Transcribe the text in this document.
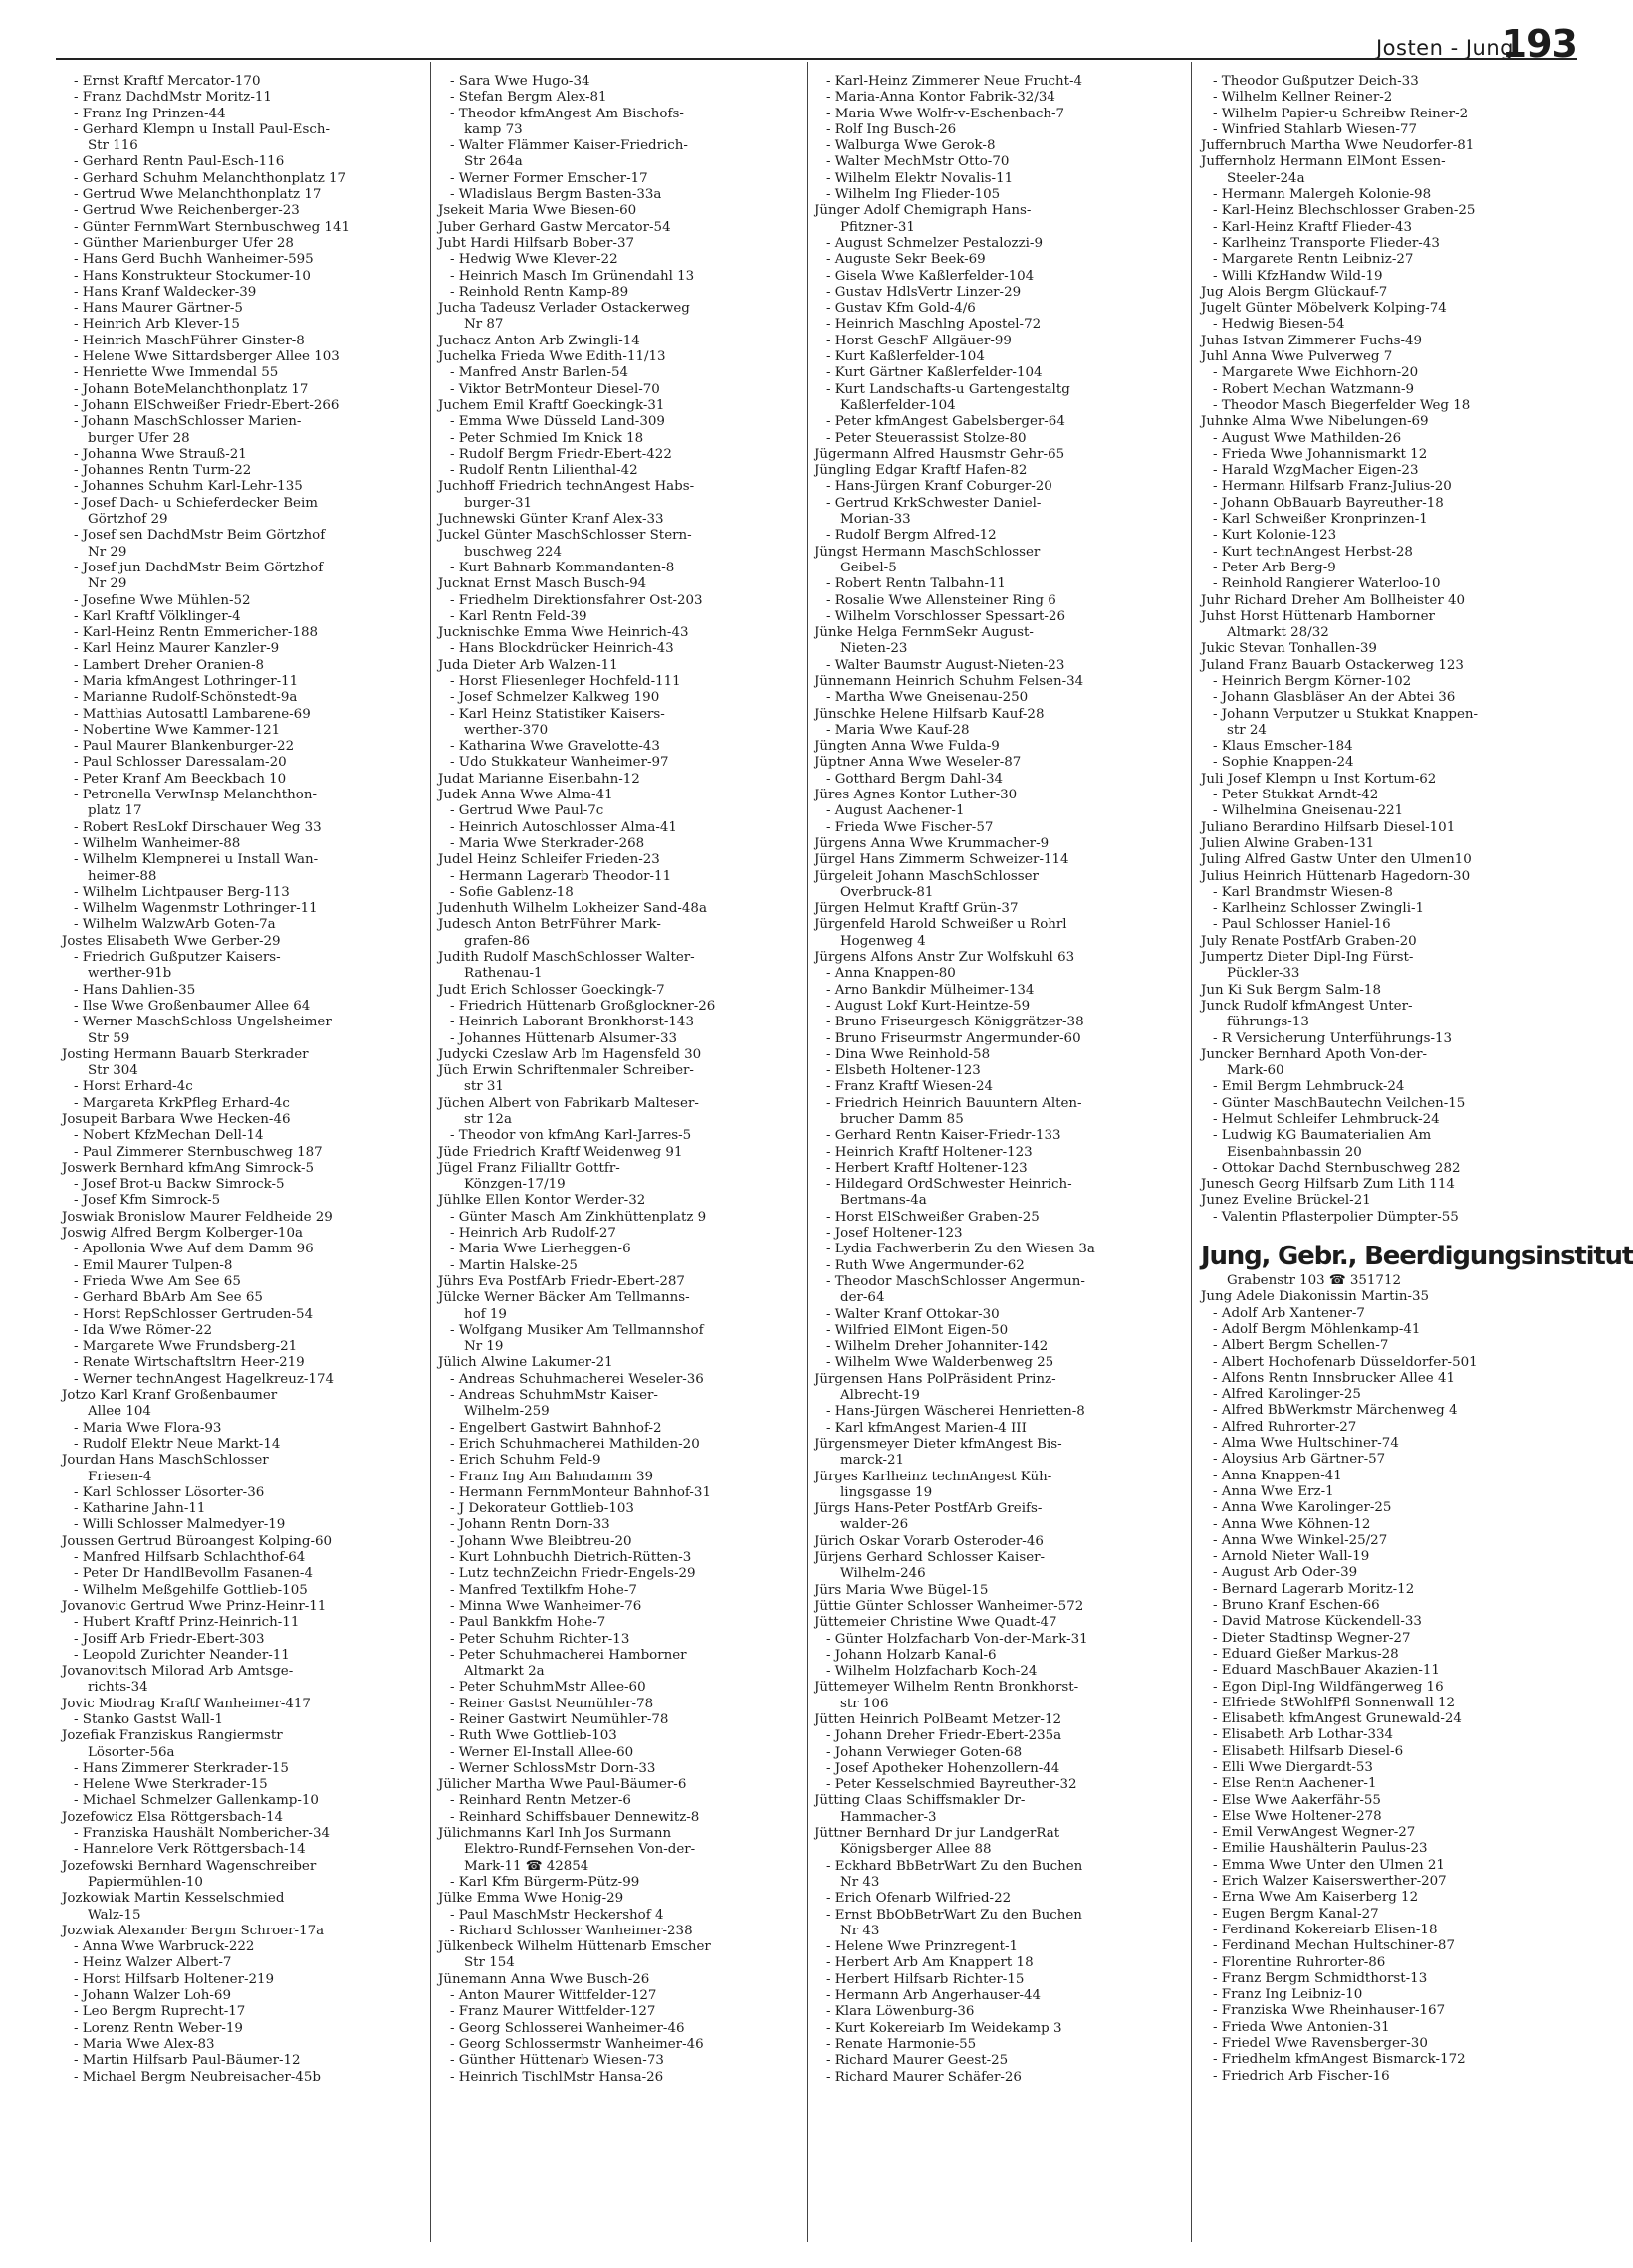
Josten - Jung
193
- Ernst Kraftf Mercator-170
- Franz DachdMstr Moritz-11
- Franz Ing Prinzen-44
- Gerhard Klempn u Install Paul-Esch-
Str 116
- Gerhard Rentn Paul-Esch-116
- Gerhard Schuhm Melanchthonplatz 17
- Gertrud Wwe Melanchthonplatz 17
- Gertrud Wwe Reichenberger-23
- Günter FernmWart Sternbuschweg 141
- Günther Marienburger Ufer 28
- Hans Gerd Buchh Wanheimer-595
- Hans Konstrukteur Stockumer-10
- Hans Kranf Waldecker-39
- Hans Maurer Gärtner-5
- Heinrich Arb Klever-15
- Heinrich MaschFührer Ginster-8
- Helene Wwe Sittardsberger Allee 103
- Henriette Wwe Immendal 55
- Johann BoteMelanchthonplatz 17
- Johann ElSchweißer Friedr-Ebert-266
- Johann MaschSchlosser Marien-
burger Ufer 28
- Johanna Wwe Strauß-21
- Johannes Rentn Turm-22
- Johannes Schuhm Karl-Lehr-135
- Josef Dach- u Schieferdecker Beim
Görtzhof 29
- Josef sen DachdMstr Beim Görtzhof
Nr 29
- Josef jun DachdMstr Beim Görtzhof
Nr 29
- Josefine Wwe Mühlen-52
- Karl Kraftf Völklinger-4
- Karl-Heinz Rentn Emmericher-188
- Karl Heinz Maurer Kanzler-9
- Lambert Dreher Oranien-8
- Maria kfmAngest Lothringer-11
- Marianne Rudolf-Schönstedt-9a
- Matthias Autosattl Lambarene-69
- Nobertine Wwe Kammer-121
- Paul Maurer Blankenburger-22
- Paul Schlosser Daressalam-20
- Peter Kranf Am Beeckbach 10
- Petronella VerwInsp Melanchthon-
platz 17
- Robert ResLokf Dirschauer Weg 33
- Wilhelm Wanheimer-88
- Wilhelm Klempnerei u Install Wan-
heimer-88
- Wilhelm Lichtpauser Berg-113
- Wilhelm Wagenmstr Lothringer-11
- Wilhelm WalzwArb Goten-7a
Jostes Elisabeth Wwe Gerber-29
- Friedrich Gußputzer Kaisers-
werther-91b
- Hans Dahlien-35
- Ilse Wwe Großenbaumer Allee 64
- Werner MaschSchloss Ungelsheimer
Str 59
Josting Hermann Bauarb Sterkrader
Str 304
- Horst Erhard-4c
- Margareta KrkPfleg Erhard-4c
Josupeit Barbara Wwe Hecken-46
- Nobert KfzMechan Dell-14
- Paul Zimmerer Sternbuschweg 187
Joswerk Bernhard kfmAng Simrock-5
- Josef Brot-u Backw Simrock-5
- Josef Kfm Simrock-5
Joswiak Bronislow Maurer Feldheide 29
Joswig Alfred Bergm Kolberger-10a
- Apollonia Wwe Auf dem Damm 96
- Emil Maurer Tulpen-8
- Frieda Wwe Am See 65
- Gerhard BbArb Am See 65
- Horst RepSchlosser Gertruden-54
- Ida Wwe Römer-22
- Margarete Wwe Frundsberg-21
- Renate Wirtschaftsltrn Heer-219
- Werner technAngest Hagelkreuz-174
Jotzo Karl Kranf Großenbaumer
Allee 104
- Maria Wwe Flora-93
- Rudolf Elektr Neue Markt-14
Jourdan Hans MaschSchlosser
Friesen-4
- Karl Schlosser Lösorter-36
- Katharine Jahn-11
- Willi Schlosser Malmedyer-19
Joussen Gertrud Büroangest Kolping-60
- Manfred Hilfsarb Schlachthof-64
- Peter Dr HandlBevollm Fasanen-4
- Wilhelm Meßgehilfe Gottlieb-105
Jovanovic Gertrud Wwe Prinz-Heinr-11
- Hubert Kraftf Prinz-Heinrich-11
- Josiff Arb Friedr-Ebert-303
- Leopold Zurichter Neander-11
Jovanovitsch Milorad Arb Amtsge-
richts-34
Jovic Miodrag Kraftf Wanheimer-417
- Stanko Gastst Wall-1
Jozefiak Franziskus Rangiermstr
Lösorter-56a
- Hans Zimmerer Sterkrader-15
- Helene Wwe Sterkrader-15
- Michael Schmelzer Gallenkamp-10
Jozefowicz Elsa Röttgersbach-14
- Franziska Haushält Nombericher-34
- Hannelore Verk Röttgersbach-14
Jozefowski Bernhard Wagenschreiber
Papiermühlen-10
Jozkowiak Martin Kesselschmied
Walz-15
Jozwiak Alexander Bergm Schroer-17a
- Anna Wwe Warbruck-222
- Heinz Walzer Albert-7
- Horst Hilfsarb Holtener-219
- Johann Walzer Loh-69
- Leo Bergm Ruprecht-17
- Lorenz Rentn Weber-19
- Maria Wwe Alex-83
- Martin Hilfsarb Paul-Bäumer-12
- Michael Bergm Neubreisacher-45b
- Sara Wwe Hugo-34
- Stefan Bergm Alex-81
- Theodor kfmAngest Am Bischofs-
kamp 73
- Walter Flämmer Kaiser-Friedrich-
Str 264a
- Werner Former Emscher-17
- Wladislaus Bergm Basten-33a
Jsekeit Maria Wwe Biesen-60
Juber Gerhard Gastw Mercator-54
Jubt Hardi Hilfsarb Bober-37
- Hedwig Wwe Klever-22
- Heinrich Masch Im Grünendahl 13
- Reinhold Rentn Kamp-89
Jucha Tadeusz Verlader Ostackerweg
Nr 87
Juchacz Anton Arb Zwingli-14
Juchelka Frieda Wwe Edith-11/13
- Manfred Anstr Barlen-54
- Viktor BetrMonteur Diesel-70
Juchem Emil Kraftf Goeckingk-31
- Emma Wwe Düsseld Land-309
- Peter Schmied Im Knick 18
- Rudolf Bergm Friedr-Ebert-422
- Rudolf Rentn Lilienthal-42
Juchhoff Friedrich technAngest Habs-
burger-31
Juchnewski Günter Kranf Alex-33
Juckel Günter MaschSchlosser Stern-
buschweg 224
- Kurt Bahnarb Kommandanten-8
Jucknat Ernst Masch Busch-94
- Friedhelm Direktionsfahrer Ost-203
- Karl Rentn Feld-39
Jucknischke Emma Wwe Heinrich-43
- Hans Blockdrücker Heinrich-43
Juda Dieter Arb Walzen-11
- Horst Fliesenleger Hochfeld-111
- Josef Schmelzer Kalkweg 190
- Karl Heinz Statistiker Kaisers-
werther-370
- Katharina Wwe Gravelotte-43
- Udo Stukkateur Wanheimer-97
Judat Marianne Eisenbahn-12
Judek Anna Wwe Alma-41
- Gertrud Wwe Paul-7c
- Heinrich Autoschlosser Alma-41
- Maria Wwe Sterkrader-268
Judel Heinz Schleifer Frieden-23
- Hermann Lagerarb Theodor-11
- Sofie Gablenz-18
Judenhuth Wilhelm Lokheizer Sand-48a
Judesch Anton BetrFührer Mark-
grafen-86
Judith Rudolf MaschSchlosser Walter-
Rathenau-1
Judt Erich Schlosser Goeckingk-7
- Friedrich Hüttenarb Großglockner-26
- Heinrich Laborant Bronkhorst-143
- Johannes Hüttenarb Alsumer-33
Judycki Czeslaw Arb Im Hagensfeld 30
Jüch Erwin Schriftenmaler Schreiber-
str 31
Jüchen Albert von Fabrikarb Malteser-
str 12a
- Theodor von kfmAng Karl-Jarres-5
Jüde Friedrich Kraftf Weidenweg 91
Jügel Franz Filialltr Gottfr-
Könzgen-17/19
Jühlke Ellen Kontor Werder-32
- Günter Masch Am Zinkhüttenplatz 9
- Heinrich Arb Rudolf-27
- Maria Wwe Lierheggen-6
- Martin Halske-25
Jührs Eva PostfArb Friedr-Ebert-287
Jülcke Werner Bäcker Am Tellmanns-
hof 19
- Wolfgang Musiker Am Tellmannshof
Nr 19
Jülich Alwine Lakumer-21
- Andreas Schuhmacherei Weseler-36
- Andreas SchuhmMstr Kaiser-
Wilhelm-259
- Engelbert Gastwirt Bahnhof-2
- Erich Schuhmacherei Mathilden-20
- Erich Schuhm Feld-9
- Franz Ing Am Bahndamm 39
- Hermann FernmMonteur Bahnhof-31
- J Dekorateur Gottlieb-103
- Johann Rentn Dorn-33
- Johann Wwe Bleibtreu-20
- Kurt Lohnbuchh Dietrich-Rütten-3
- Lutz technZeichn Friedr-Engels-29
- Manfred Textilkfm Hohe-7
- Minna Wwe Wanheimer-76
- Paul Bankkfm Hohe-7
- Peter Schuhm Richter-13
- Peter Schuhmacherei Hamborner
Altmarkt 2a
- Peter SchuhmMstr Allee-60
- Reiner Gastst Neumühler-78
- Reiner Gastwirt Neumühler-78
- Ruth Wwe Gottlieb-103
- Werner El-Install Allee-60
- Werner SchlossMstr Dorn-33
Jülicher Martha Wwe Paul-Bäumer-6
- Reinhard Rentn Metzer-6
- Reinhard Schiffsbauer Dennewitz-8
Jülichmanns Karl Inh Jos Surmann
Elektro-Rundf-Fernsehen Von-der-
Mark-11 ☎ 42854
- Karl Kfm Bürgerm-Pütz-99
Jülke Emma Wwe Honig-29
- Paul MaschMstr Heckershof 4
- Richard Schlosser Wanheimer-238
Jülkenbeck Wilhelm Hüttenarb Emscher
Str 154
Jünemann Anna Wwe Busch-26
- Anton Maurer Wittfelder-127
- Franz Maurer Wittfelder-127
- Georg Schlosserei Wanheimer-46
- Georg Schlossermstr Wanheimer-46
- Günther Hüttenarb Wiesen-73
- Heinrich TischlMstr Hansa-26
- Karl-Heinz Zimmerer Neue Frucht-4
- Maria-Anna Kontor Fabrik-32/34
- Maria Wwe Wolfr-v-Eschenbach-7
- Rolf Ing Busch-26
- Walburga Wwe Gerok-8
- Walter MechMstr Otto-70
- Wilhelm Elektr Novalis-11
- Wilhelm Ing Flieder-105
Jünger Adolf Chemigraph Hans-
Pfitzner-31
- August Schmelzer Pestalozzi-9
- Auguste Sekr Beek-69
- Gisela Wwe Kaßlerfelder-104
- Gustav HdlsVertr Linzer-29
- Gustav Kfm Gold-4/6
- Heinrich Maschlng Apostel-72
- Horst GeschF Allgäuer-99
- Kurt Kaßlerfelder-104
- Kurt Gärtner Kaßlerfelder-104
- Kurt Landschafts-u Gartengestaltg
Kaßlerfelder-104
- Peter kfmAngest Gabelsberger-64
- Peter Steuerassist Stolze-80
Jügermann Alfred Hausmstr Gehr-65
Jüngling Edgar Kraftf Hafen-82
- Hans-Jürgen Kranf Coburger-20
- Gertrud KrkSchwester Daniel-
Morian-33
- Rudolf Bergm Alfred-12
Jüngst Hermann MaschSchlosser
Geibel-5
- Robert Rentn Talbahn-11
- Rosalie Wwe Allensteiner Ring 6
- Wilhelm Vorschlosser Spessart-26
Jünke Helga FernmSekr August-
Nieten-23
- Walter Baumstr August-Nieten-23
Jünnemann Heinrich Schuhm Felsen-34
- Martha Wwe Gneisenau-250
Jünschke Helene Hilfsarb Kauf-28
- Maria Wwe Kauf-28
Jüngten Anna Wwe Fulda-9
Jüptner Anna Wwe Weseler-87
- Gotthard Bergm Dahl-34
Jüres Agnes Kontor Luther-30
- August Aachener-1
- Frieda Wwe Fischer-57
Jürgens Anna Wwe Krummacher-9
Jürgel Hans Zimmerm Schweizer-114
Jürgeleit Johann MaschSchlosser
Overbruck-81
Jürgen Helmut Kraftf Grün-37
Jürgenfeld Harold Schweißer u Rohrl
Hogenweg 4
Jürgens Alfons Anstr Zur Wolfskuhl 63
- Anna Knappen-80
- Arno Bankdir Mülheimer-134
- August Lokf Kurt-Heintze-59
- Bruno Friseurgesch Königgrätzer-38
- Bruno Friseurmstr Angermunder-60
- Dina Wwe Reinhold-58
- Elsbeth Holtener-123
- Franz Kraftf Wiesen-24
- Friedrich Heinrich Bauuntern Alten-
brucher Damm 85
- Gerhard Rentn Kaiser-Friedr-133
- Heinrich Kraftf Holtener-123
- Herbert Kraftf Holtener-123
- Hildegard OrdSchwester Heinrich-
Bertmans-4a
- Horst ElSchweißer Graben-25
- Josef Holtener-123
- Lydia Fachwerberin Zu den Wiesen 3a
- Ruth Wwe Angermunder-62
- Theodor MaschSchlosser Angermun-
der-64
- Walter Kranf Ottokar-30
- Wilfried ElMont Eigen-50
- Wilhelm Dreher Johanniter-142
- Wilhelm Wwe Walderbenweg 25
Jürgensen Hans PolPräsident Prinz-
Albrecht-19
- Hans-Jürgen Wäscherei Henrietten-8
- Karl kfmAngest Marien-4 III
Jürgensmeyer Dieter kfmAngest Bis-
marck-21
Jürges Karlheinz technAngest Küh-
lingsgasse 19
Jürgs Hans-Peter PostfArb Greifs-
walder-26
Jürich Oskar Vorarb Osteroder-46
Jürjens Gerhard Schlosser Kaiser-
Wilhelm-246
Jürs Maria Wwe Bügel-15
Jüttie Günter Schlosser Wanheimer-572
Jüttemeier Christine Wwe Quadt-47
- Günter Holzfacharb Von-der-Mark-31
- Johann Holzarb Kanal-6
- Wilhelm Holzfacharb Koch-24
Jüttemeyer Wilhelm Rentn Bronkhorst-
str 106
Jütten Heinrich PolBeamt Metzer-12
- Johann Dreher Friedr-Ebert-235a
- Johann Verwieger Goten-68
- Josef Apotheker Hohenzollern-44
- Peter Kesselschmied Bayreuther-32
Jütting Claas Schiffsmakler Dr-
Hammacher-3
Jüttner Bernhard Dr jur LandgerRat
Königsberger Allee 88
- Eckhard BbBetrWart Zu den Buchen
Nr 43
- Erich Ofenarb Wilfried-22
- Ernst BbObBetrWart Zu den Buchen
Nr 43
- Helene Wwe Prinzregent-1
- Herbert Arb Am Knappert 18
- Herbert Hilfsarb Richter-15
- Hermann Arb Angerhauser-44
- Klara Löwenburg-36
- Kurt Kokereiarb Im Weidekamp 3
- Renate Harmonie-55
- Richard Maurer Geest-25
- Richard Maurer Schäfer-26
- Theodor Gußputzer Deich-33
- Wilhelm Kellner Reiner-2
- Wilhelm Papier-u Schreibw Reiner-2
- Winfried Stahlarb Wiesen-77
Juffernbruch Martha Wwe Neudorfer-81
Juffernholz Hermann ElMont Essen-
Steeler-24a
- Hermann Malergeh Kolonie-98
- Karl-Heinz Blechschlosser Graben-25
- Karl-Heinz Kraftf Flieder-43
- Karlheinz Transporte Flieder-43
- Margarete Rentn Leibniz-27
- Willi KfzHandw Wild-19
Jug Alois Bergm Glückauf-7
Jugelt Günter Möbelverk Kolping-74
- Hedwig Biesen-54
Juhas Istvan Zimmerer Fuchs-49
Juhl Anna Wwe Pulverweg 7
- Margarete Wwe Eichhorn-20
- Robert Mechan Watzmann-9
- Theodor Masch Biegerfelder Weg 18
Juhnke Alma Wwe Nibelungen-69
- August Wwe Mathilden-26
- Frieda Wwe Johannismarkt 12
- Harald WzgMacher Eigen-23
- Hermann Hilfsarb Franz-Julius-20
- Johann ObBauarb Bayreuther-18
- Karl Schweißer Kronprinzen-1
- Kurt Kolonie-123
- Kurt technAngest Herbst-28
- Peter Arb Berg-9
- Reinhold Rangierer Waterloo-10
Juhr Richard Dreher Am Bollheister 40
Juhst Horst Hüttenarb Hamborner
Altmarkt 28/32
Jukic Stevan Tonhallen-39
Juland Franz Bauarb Ostackerweg 123
- Heinrich Bergm Körner-102
- Johann Glasbläser An der Abtei 36
- Johann Verputzer u Stukkat Knappen-
str 24
- Klaus Emscher-184
- Sophie Knappen-24
Juli Josef Klempn u Inst Kortum-62
- Peter Stukkat Arndt-42
- Wilhelmina Gneisenau-221
Juliano Berardino Hilfsarb Diesel-101
Julien Alwine Graben-131
Juling Alfred Gastw Unter den Ulmen10
Julius Heinrich Hüttenarb Hagedorn-30
- Karl Brandmstr Wiesen-8
- Karlheinz Schlosser Zwingli-1
- Paul Schlosser Haniel-16
July Renate PostfArb Graben-20
Jumpertz Dieter Dipl-Ing Fürst-
Pückler-33
Jun Ki Suk Bergm Salm-18
Junck Rudolf kfmAngest Unter-
führungs-13
- R Versicherung Unterführungs-13
Juncker Bernhard Apoth Von-der-
Mark-60
- Emil Bergm Lehmbruck-24
- Günter MaschBautechn Veilchen-15
- Helmut Schleifer Lehmbruck-24
- Ludwig KG Baumaterialien Am
Eisenbahnbassin 20
- Ottokar Dachd Sternbuschweg 282
Junesch Georg Hilfsarb Zum Lith 114
Junez Eveline Brückel-21
- Valentin Pflasterpolier Dümpter-55
Jung, Gebr., Beerdigungsinstitut
Grabenstr 103 ☎ 351712
Jung Adele Diakonissin Martin-35
- Adolf Arb Xantener-7
- Adolf Bergm Möhlenkamp-41
- Albert Bergm Schellen-7
- Albert Hochofenarb Düsseldorfer-501
- Alfons Rentn Innsbrucker Allee 41
- Alfred Karolinger-25
- Alfred BbWerkmstr Märchenweg 4
- Alfred Ruhrorter-27
- Alma Wwe Hultschiner-74
- Aloysius Arb Gärtner-57
- Anna Knappen-41
- Anna Wwe Erz-1
- Anna Wwe Karolinger-25
- Anna Wwe Köhnen-12
- Anna Wwe Winkel-25/27
- Arnold Nieter Wall-19
- August Arb Oder-39
- Bernard Lagerarb Moritz-12
- Bruno Kranf Eschen-66
- David Matrose Kückendell-33
- Dieter Stadtinsp Wegner-27
- Eduard Gießer Markus-28
- Eduard MaschBauer Akazien-11
- Egon Dipl-Ing Wildfängerweg 16
- Elfriede StWohlfPfl Sonnenwall 12
- Elisabeth kfmAngest Grunewald-24
- Elisabeth Arb Lothar-334
- Elisabeth Hilfsarb Diesel-6
- Elli Wwe Diergardt-53
- Else Rentn Aachener-1
- Else Wwe Aakerfähr-55
- Else Wwe Holtener-278
- Emil VerwAngest Wegner-27
- Emilie Haushälterin Paulus-23
- Emma Wwe Unter den Ulmen 21
- Erich Walzer Kaiserswerther-207
- Erna Wwe Am Kaiserberg 12
- Eugen Bergm Kanal-27
- Ferdinand Kokereiarb Elisen-18
- Ferdinand Mechan Hultschiner-87
- Florentine Ruhrorter-86
- Franz Bergm Schmidthorst-13
- Franz Ing Leibniz-10
- Franziska Wwe Rheinhauser-167
- Frieda Wwe Antonien-31
- Friedel Wwe Ravensberger-30
- Friedhelm kfmAngest Bismarck-172
- Friedrich Arb Fischer-16
